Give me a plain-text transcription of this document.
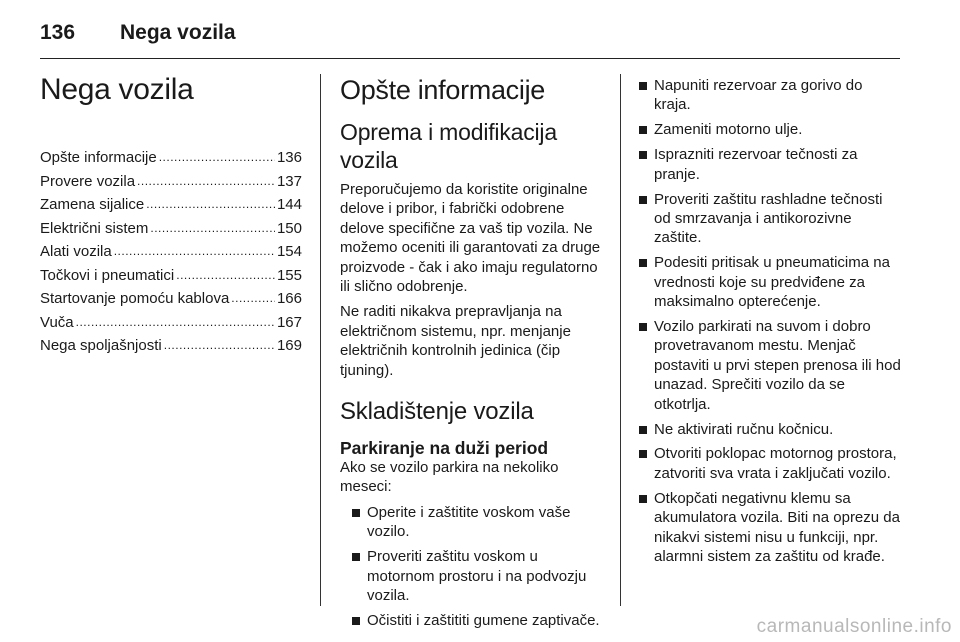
136 Nega vozila
Nega vozila
Opšte informacije .....	136
Provere vozila .....	137
Zamena sijalice .....	144
Električni sistem .....	150
Alati vozila .....	154
Točkovi i pneumatici .....	155
Startovanje pomoću kablova .....	166
Vuča .....	167
Nega spoljašnjosti .....	169
Opšte informacije
Oprema i modifikacija vozila

Preporučujemo da koristite originalne delove i pribor, i fabrički odobrene delove specifične za vaš tip vozila. Ne možemo oceniti ili garantovati za druge proizvode - čak i ako imaju regulatorno ili slično odobrenje.

Ne raditi nikakva prepravljanja na električnom sistemu, npr. menjanje električnih kontrolnih jedinica (čip tjuning).

Skladištenje vozila
Parkiranje na duži period

Ako se vozilo parkira na nekoliko meseci:

Operite i zaštitite voskom vaše vozilo.
Proveriti zaštitu voskom u motornom prostoru i na podvozju vozila.
Očistiti i zaštititi gumene zaptivače.
Napuniti rezervoar za gorivo do kraja.
Zameniti motorno ulje.
Isprazniti rezervoar tečnosti za pranje.
Proveriti zaštitu rashladne tečnosti od smrzavanja i antikorozivne zaštite.
Podesiti pritisak u pneumaticima na vrednosti koje su predviđene za maksimalno opterećenje.
Vozilo parkirati na suvom i dobro provetravanom mestu. Menjač postaviti u prvi stepen prenosa ili hod unazad. Sprečiti vozilo da se otkotrlja.
Ne aktivirati ručnu kočnicu.
Otvoriti poklopac motornog prostora, zatvoriti sva vrata i zaključati vozilo.
Otkopčati negativnu klemu sa akumulatora vozila. Biti na oprezu da nikakvi sistemi nisu u funkciji, npr. alarmni sistem za zaštitu od krađe.
carmanualsonline.info
